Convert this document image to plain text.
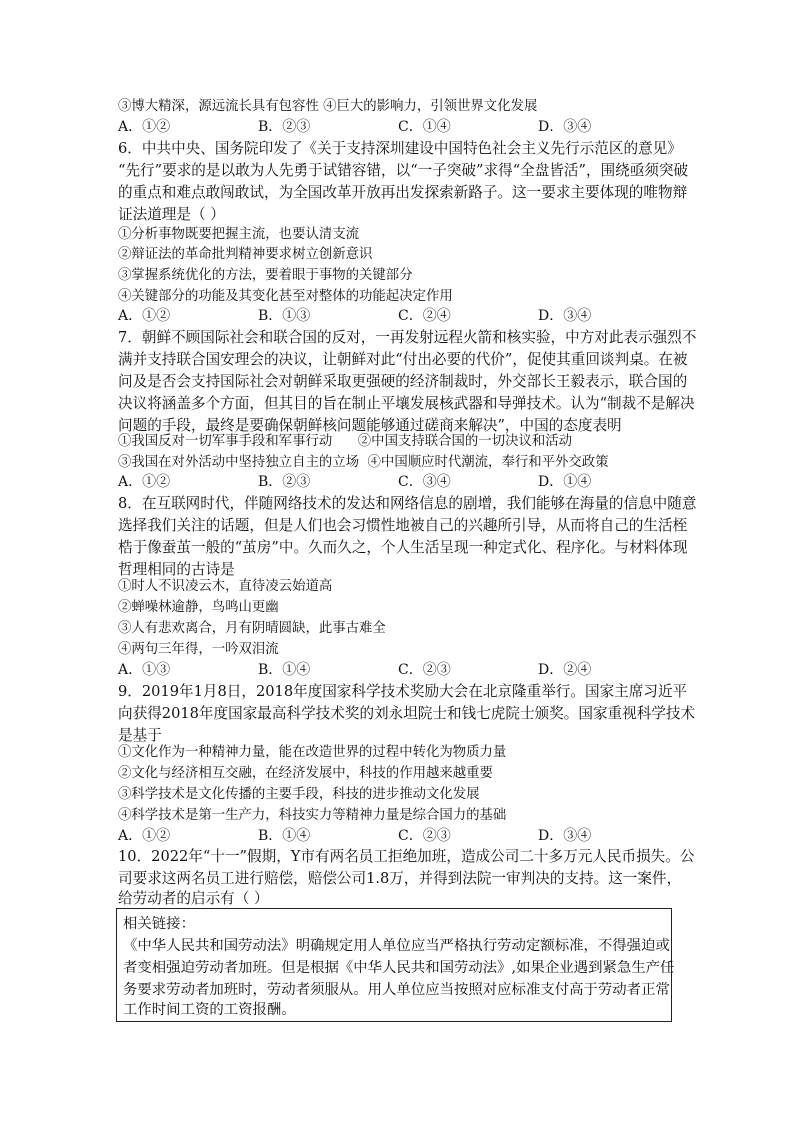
③博大精深，源远流长具有包容性 ④巨大的影响力，引领世界文化发展
A．①②	B．②③	C．①④	D．③④
6．中共中央、国务院印发了《关于支持深圳建设中国特色社会主义先行示范区的意见》
“先行”要求的是以敢为人先勇于试错容错，以“一子突破”求得“全盘皆活”，围绕亟须突破
的重点和难点敢闯敢试，为全国改革开放再出发探索新路子。这一要求主要体现的唯物辩
证法道理是（ ）
①分析事物既要把握主流，也要认清支流
②辩证法的革命批判精神要求树立创新意识
③掌握系统优化的方法，要着眼于事物的关键部分
④关键部分的功能及其变化甚至对整体的功能起决定作用
A．①②	B．①③	C．②④	D．③④
7．朝鲜不顾国际社会和联合国的反对，一再发射远程火箭和核实验，中方对此表示强烈不
满并支持联合国安理会的决议，让朝鲜对此“付出必要的代价”，促使其重回谈判桌。在被
问及是否会支持国际社会对朝鲜采取更强硬的经济制裁时，外交部长王毅表示，联合国的
决议将涵盖多个方面，但其目的旨在制止平壤发展核武器和导弹技术。认为“制裁不是解决
问题的手段，最终是要确保朝鲜核问题能够通过磋商来解决”，中国的态度表明
①我国反对一切军事手段和军事行动      ②中国支持联合国的一切决议和活动
③我国在对外活动中坚持独立自主的立场  ④中国顺应时代潮流，奉行和平外交政策
A．①②	B．②③	C．③④	D．①④
8．在互联网时代，伴随网络技术的发达和网络信息的剧增，我们能够在海量的信息中随意
选择我们关注的话题，但是人们也会习惯性地被自己的兴趣所引导，从而将自己的生活桎
梏于像蚕茧一般的“茧房”中。久而久之，个人生活呈现一种定式化、程序化。与材料体现
哲理相同的古诗是
①时人不识凌云木，直待凌云始道高
②蝉噪林逾静，鸟鸣山更幽
③人有悲欢离合，月有阴晴圆缺，此事古难全
④两句三年得，一吟双泪流
A．①③	B．①④	C．②③	D．②④
9．2019年1月8日，2018年度国家科学技术奖励大会在北京隆重举行。国家主席习近平
向获得2018年度国家最高科学技术奖的刘永坦院士和钱七虎院士颁奖。国家重视科学技术
是基于
①文化作为一种精神力量，能在改造世界的过程中转化为物质力量
②文化与经济相互交融，在经济发展中，科技的作用越来越重要
③科学技术是文化传播的主要手段，科技的进步推动文化发展
④科学技术是第一生产力，科技实力等精神力量是综合国力的基础
A．①②	B．①④	C．②③	D．③④
10．2022年“十一”假期，Y市有两名员工拒绝加班，造成公司二十多万元人民币损失。公
司要求这两名员工进行赔偿，赔偿公司1.8万，并得到法院一审判决的支持。这一案件，
给劳动者的启示有（ ）
相关链接：
《中华人民共和国劳动法》明确规定用人单位应当严格执行劳动定额标准，不得强迫或
者变相强迫劳动者加班。但是根据《中华人民共和国劳动法》,如果企业遇到紧急生产任
务要求劳动者加班时，劳动者须服从。用人单位应当按照对应标准支付高于劳动者正常
工作时间工资的工资报酬。
